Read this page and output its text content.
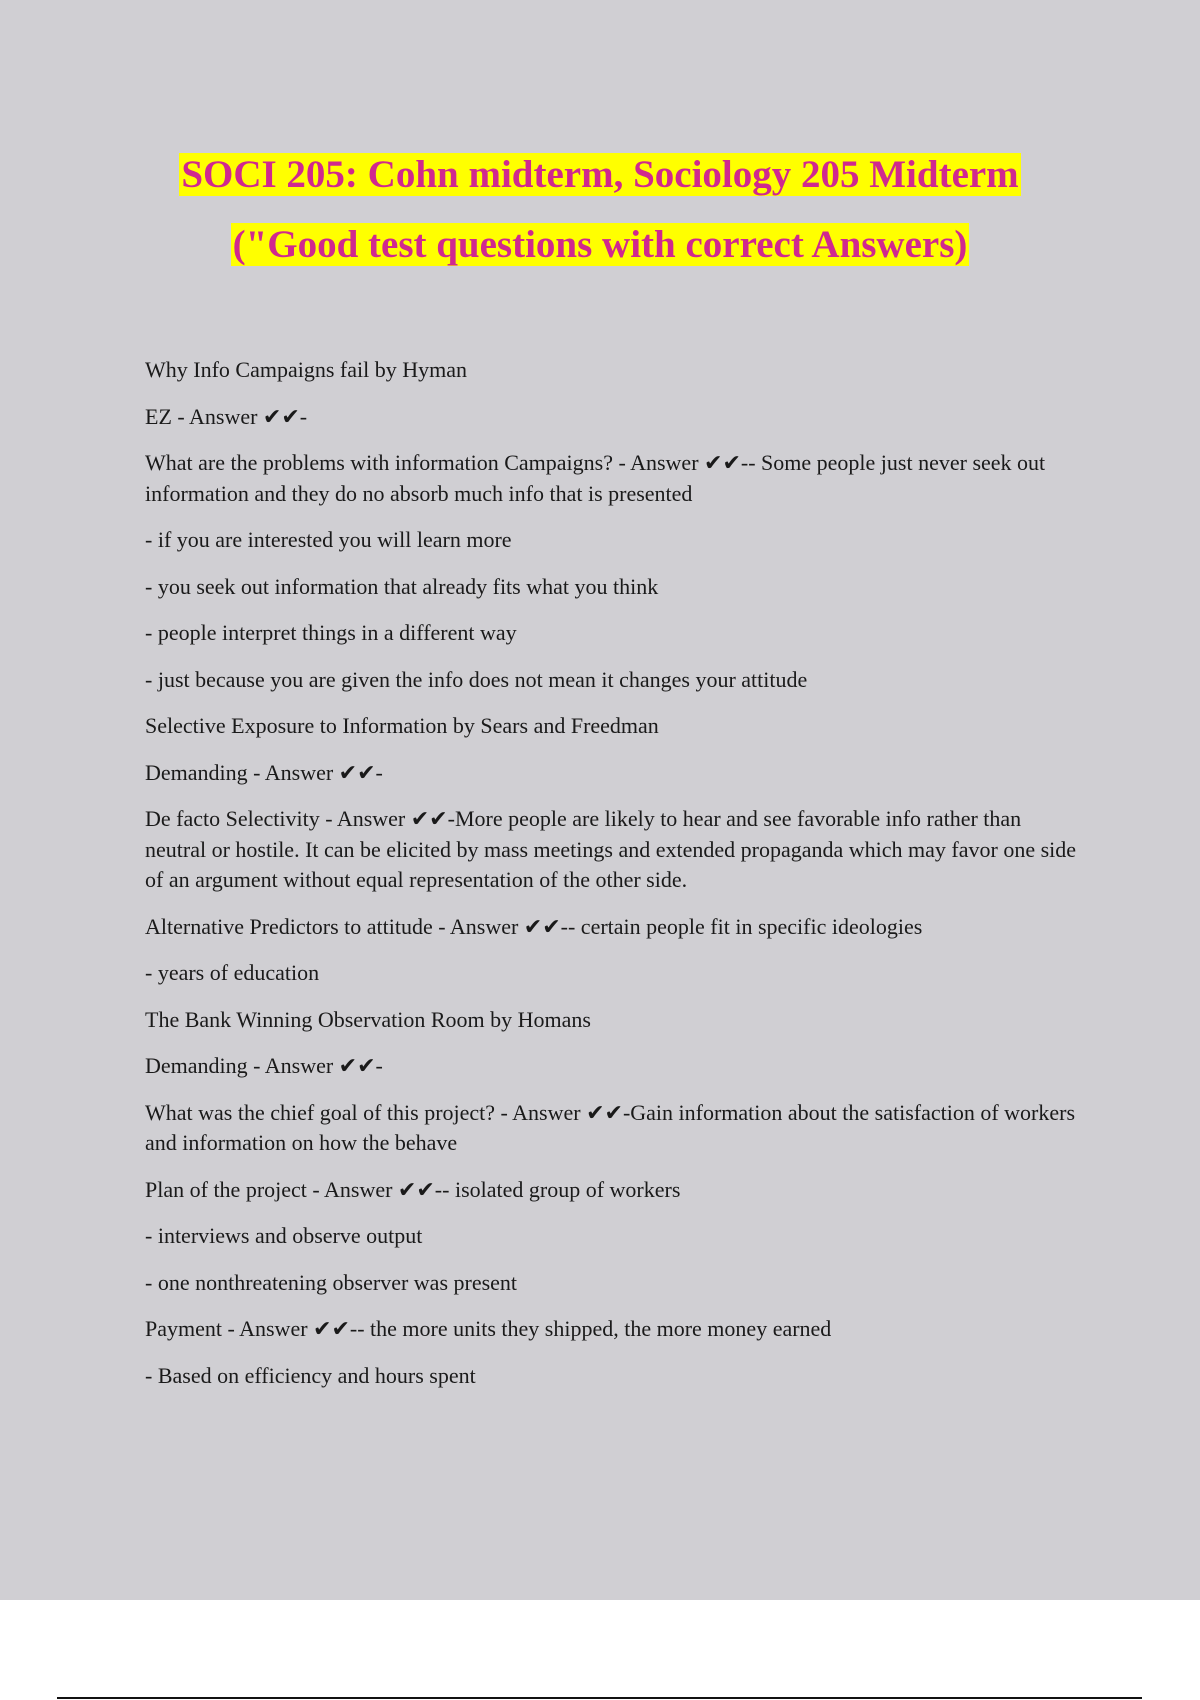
SOCI 205: Cohn midterm, Sociology 205 Midterm
("Good test questions with correct Answers)

Why Info Campaigns fail by Hyman

EZ - Answer ✔✔-

What are the problems with information Campaigns? - Answer ✔✔-- Some people just never seek out information and they do no absorb much info that is presented

- if you are interested you will learn more

- you seek out information that already fits what you think

- people interpret things in a different way

- just because you are given the info does not mean it changes your attitude

Selective Exposure to Information by Sears and Freedman

Demanding - Answer ✔✔-

De facto Selectivity - Answer ✔✔-More people are likely to hear and see favorable info rather than neutral or hostile. It can be elicited by mass meetings and extended propaganda which may favor one side of an argument without equal representation of the other side.

Alternative Predictors to attitude - Answer ✔✔-- certain people fit in specific ideologies

- years of education

The Bank Winning Observation Room by Homans

Demanding - Answer ✔✔-

What was the chief goal of this project? - Answer ✔✔-Gain information about the satisfaction of workers and information on how the behave

Plan of the project - Answer ✔✔-- isolated group of workers

- interviews and observe output

- one nonthreatening observer was present

Payment - Answer ✔✔-- the more units they shipped, the more money earned

- Based on efficiency and hours spent
